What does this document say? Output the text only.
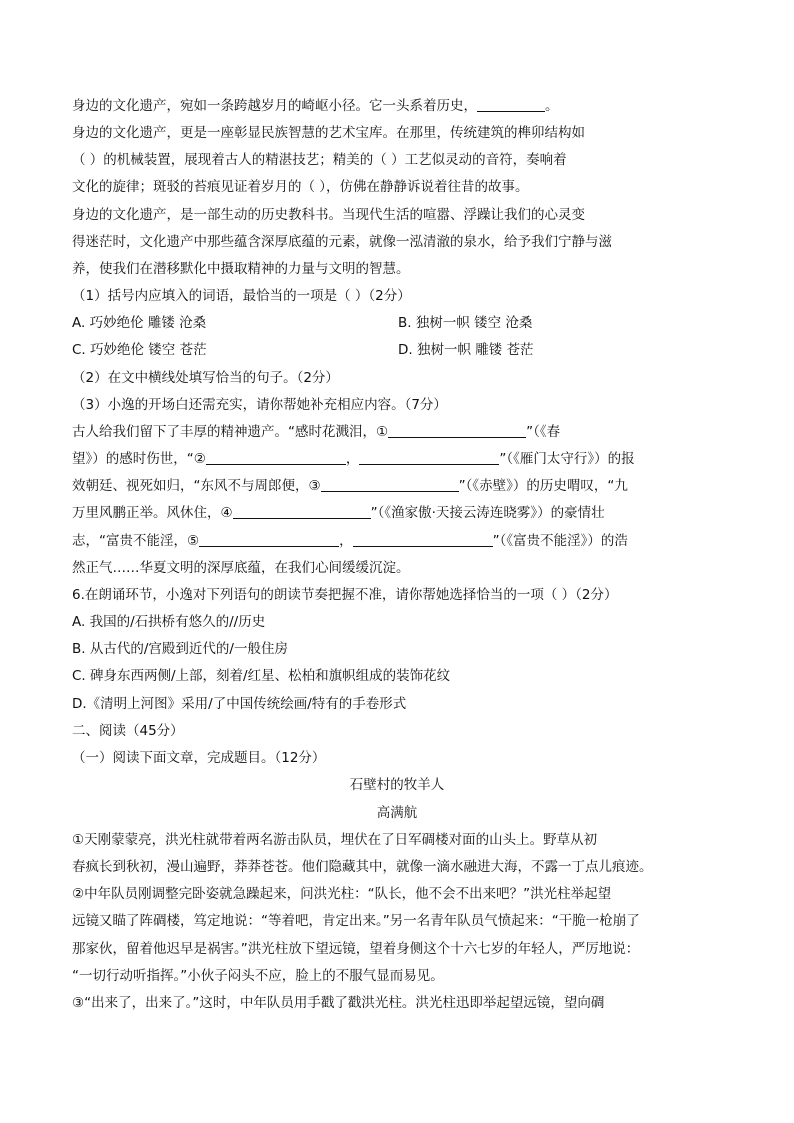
身边的文化遗产，宛如一条跨越岁月的崎岖小径。它一头系着历史，	。
身边的文化遗产，更是一座彰显民族智慧的艺术宝库。在那里，传统建筑的榫卯结构如
（ ）的机械装置，展现着古人的精湛技艺；精美的（ ）工艺似灵动的音符，奏响着
文化的旋律；斑驳的苔痕见证着岁月的（ ），仿佛在静静诉说着往昔的故事。
身边的文化遗产，是一部生动的历史教科书。当现代生活的喧嚣、浮躁让我们的心灵变
得迷茫时，文化遗产中那些蕴含深厚底蕴的元素，就像一泓清澈的泉水，给予我们宁静与滋
养，使我们在潜移默化中摄取精神的力量与文明的智慧。
（1）括号内应填入的词语，最恰当的一项是（ ）（2分）
A. 巧妙绝伦 雕镂 沧桑	B. 独树一帜 镂空 沧桑
C. 巧妙绝伦 镂空 苍茫	D. 独树一帜 雕镂 苍茫
（2）在文中横线处填写恰当的句子。（2分）
（3）小逸的开场白还需充实，请你帮她补充相应内容。（7分）
古人给我们留下了丰厚的精神遗产。“感时花溅泪，①	”（《春
望》）的感时伤世，“②	，	”（《雁门太守行》）的报
效朝廷、视死如归，“东风不与周郎便，③	”（《赤壁》）的历史喟叹，“九
万里风鹏正举。风休住，④	”（《渔家傲·天接云涛连晓雾》）的豪情壮
志，“富贵不能淫，⑤	，	”（《富贵不能淫》）的浩
然正气……华夏文明的深厚底蕴，在我们心间缓缓沉淀。
6.在朗诵环节，小逸对下列语句的朗读节奏把握不准，请你帮她选择恰当的一项（ ）（2分）
A. 我国的/石拱桥有悠久的//历史
B. 从古代的/宫殿到近代的/一般住房
C. 碑身东西两侧/上部，刻着/红星、松柏和旗帜组成的装饰花纹
D.《清明上河图》采用/了中国传统绘画/特有的手卷形式
二、阅读（45分）
（一）阅读下面文章，完成题目。（12分）
石壁村的牧羊人
高满航
①天刚蒙蒙亮，洪光柱就带着两名游击队员，埋伏在了日军碉楼对面的山头上。野草从初
春疯长到秋初，漫山遍野，莽莽苍苍。他们隐藏其中，就像一滴水融进大海，不露一丁点儿痕迹。
②中年队员刚调整完卧姿就急躁起来，问洪光柱：“队长，他不会不出来吧？”洪光柱举起望
远镜又瞄了阵碉楼，笃定地说：“等着吧，肯定出来。”另一名青年队员气愤起来：“干脆一枪崩了
那家伙，留着他迟早是祸害。”洪光柱放下望远镜，望着身侧这个十六七岁的年轻人，严厉地说：
“一切行动听指挥。”小伙子闷头不应，脸上的不服气显而易见。
③“出来了，出来了。”这时，中年队员用手戳了戳洪光柱。洪光柱迅即举起望远镜，望向碉
